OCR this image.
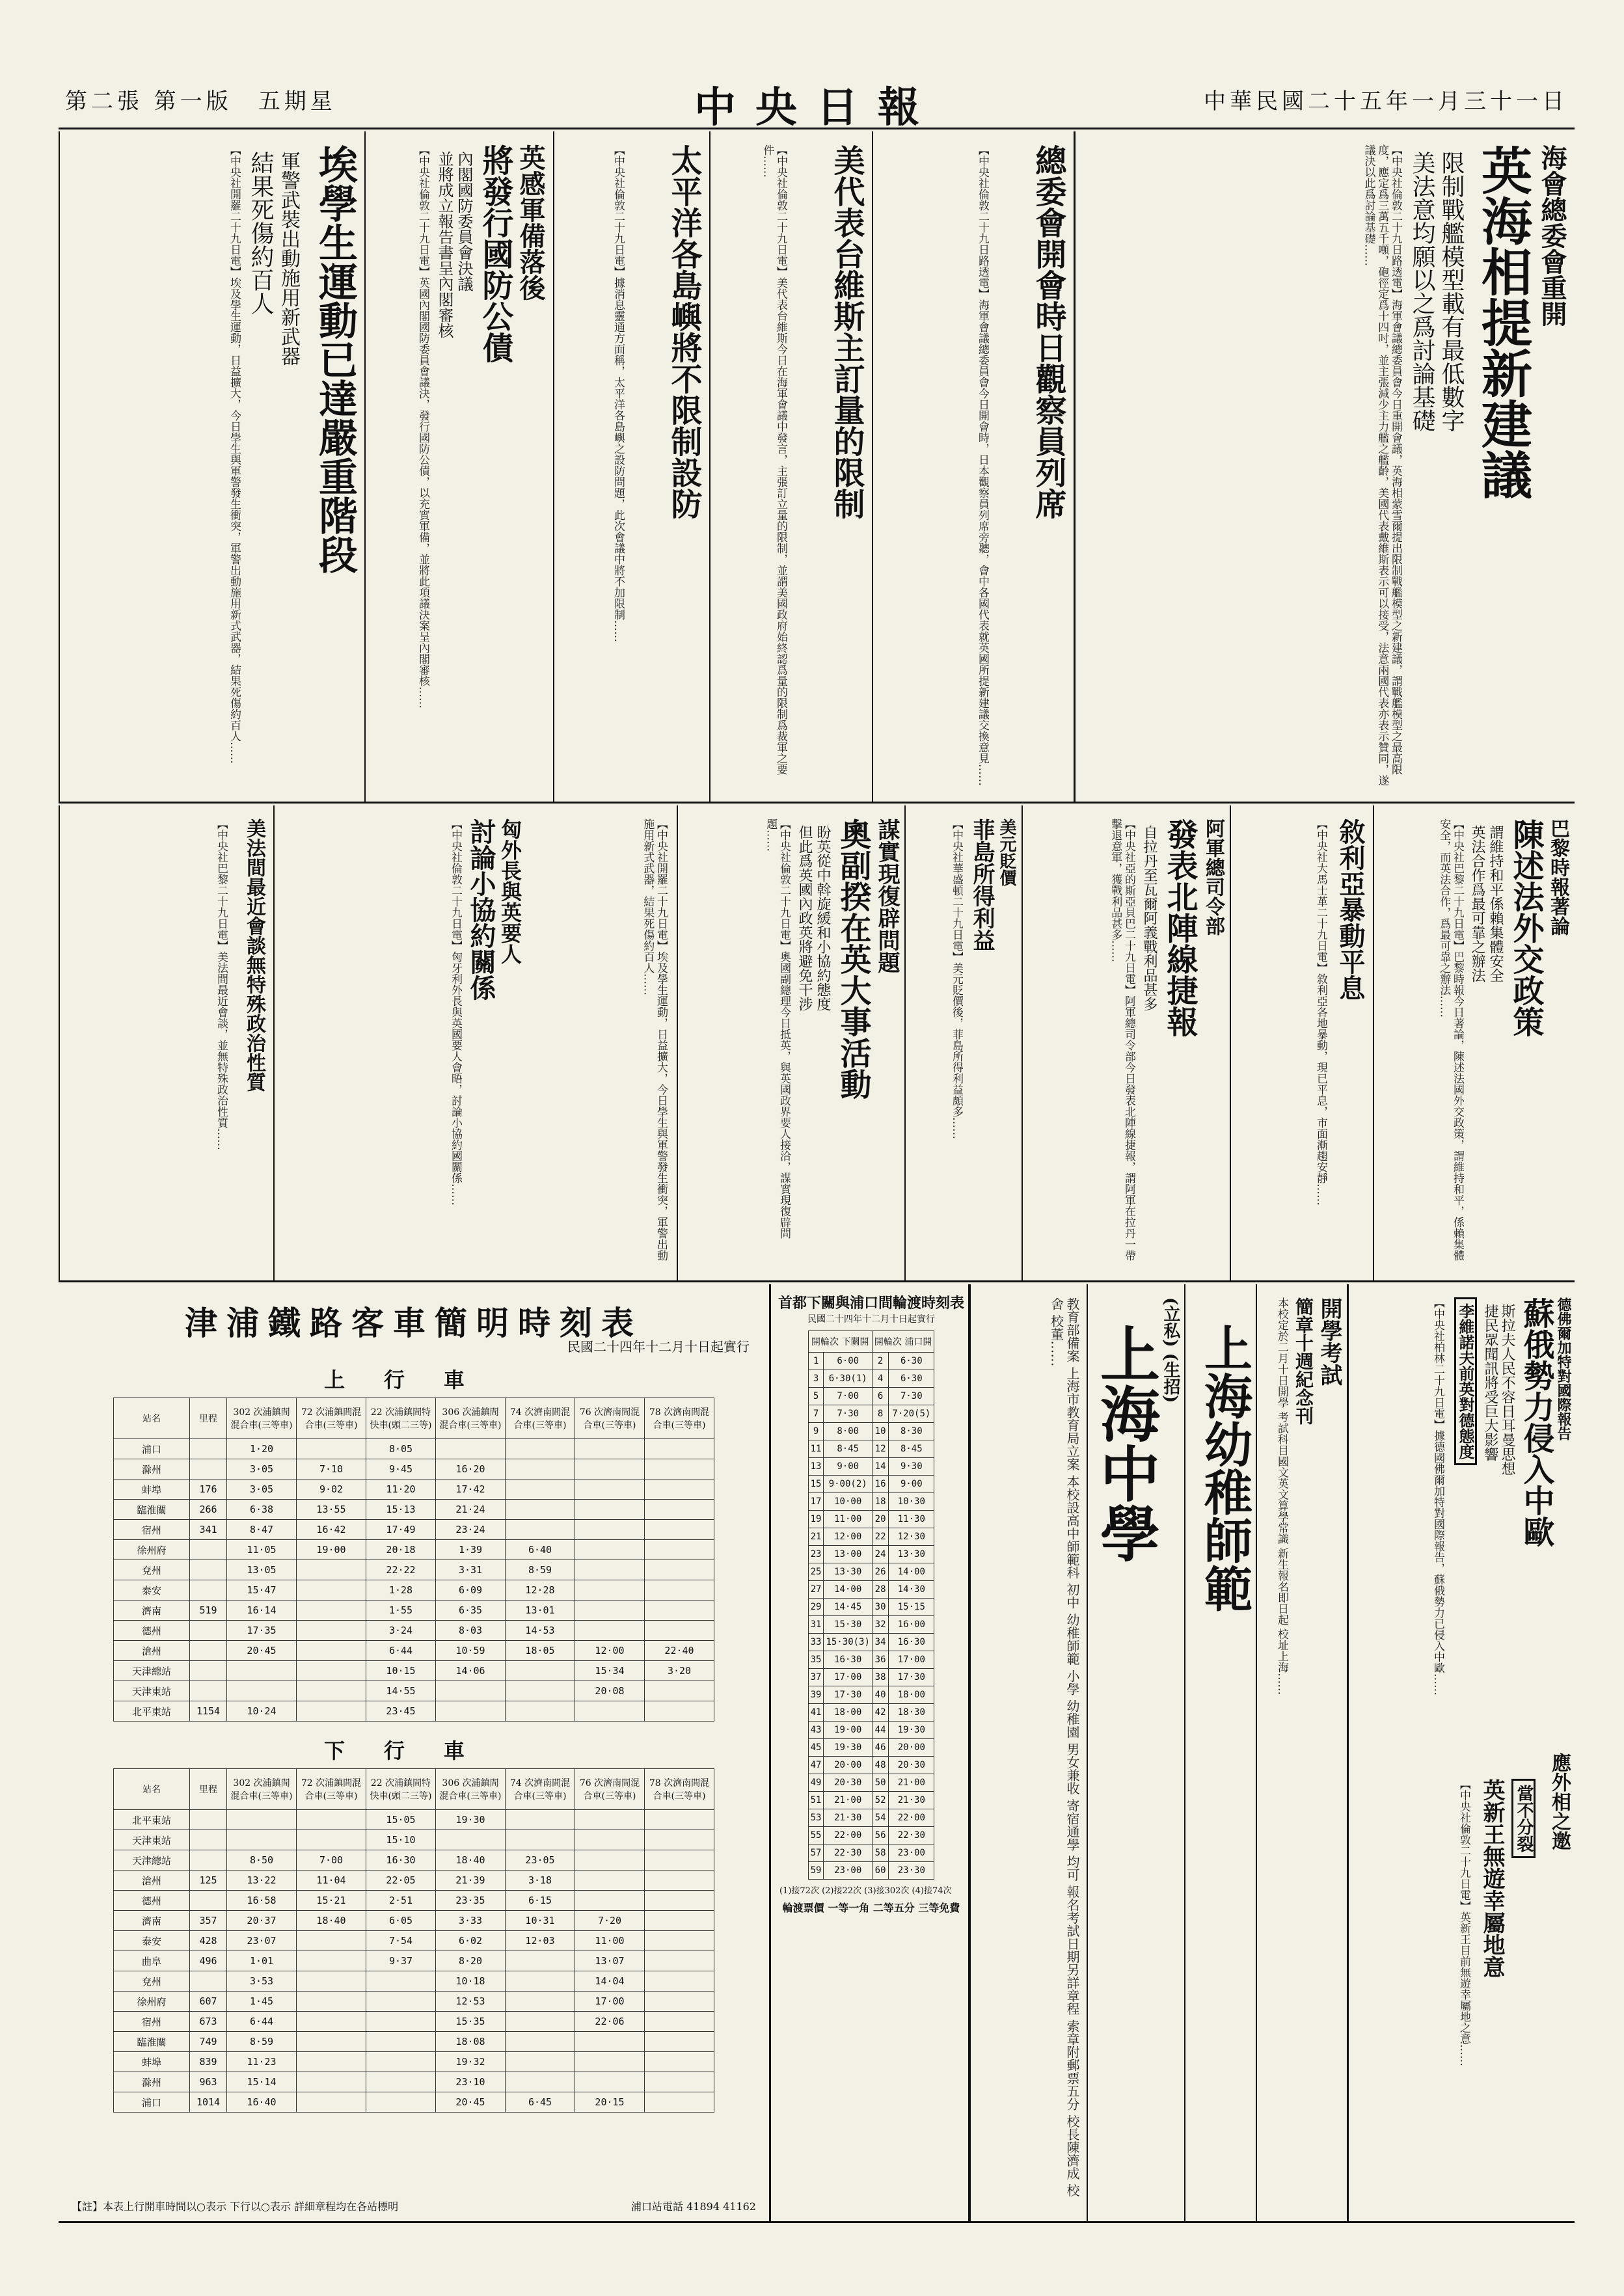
第二張 第一版　 五期星	中央日報	中華民國二十五年一月三十一日
海會總委會重開
英海相提新建議
限制戰艦模型載有最低數字
美法意均願以之爲討論基礎
【中央社倫敦二十九日路透電】海軍會議總委員會今日重開會議，英海相蒙雪爾提出限制戰艦模型之新建議，謂戰艦模型之最高限度，應定爲三萬五千噸，砲徑定爲十四吋，並主張減少主力艦之艦齡，美國代表戴維斯表示可以接受，法意兩國代表亦表示贊同，遂議決以此爲討論基礎……
總委會開會時日觀察員列席
【中央社倫敦二十九日路透電】海軍會議總委員會今日開會時，日本觀察員列席旁聽，會中各國代表就英國所提新建議交換意見……
美代表台維斯主訂量的限制
【中央社倫敦二十九日電】美代表台維斯今日在海軍會議中發言，主張訂立量的限制，並謂美國政府始終認爲量的限制爲裁軍之要件……
太平洋各島嶼將不限制設防
【中央社倫敦二十九日電】據消息靈通方面稱，太平洋各島嶼之設防問題，此次會議中將不加限制……
英感軍備落後
將發行國防公債
內閣國防委員會決議
並將成立報告書呈內閣審核
【中央社倫敦二十九日電】英國內閣國防委員會議決，發行國防公債，以充實軍備，並將此項議決案呈內閣審核……
埃學生運動已達嚴重階段
軍警武裝出動施用新武器
結果死傷約百人
【中央社開羅二十九日電】埃及學生運動，日益擴大，今日學生與軍警發生衝突，軍警出動施用新式武器，結果死傷約百人……
巴黎時報著論
陳述法外交政策
謂維持和平係賴集體安全
英法合作爲最可靠之辦法
【中央社巴黎二十九日電】巴黎時報今日著論，陳述法國外交政策，謂維持和平，係賴集體安全，而英法合作，爲最可靠之辦法……
敘利亞暴動平息
【中央社大馬士革二十九日電】敘利亞各地暴動，現已平息，市面漸趨安靜……
阿軍總司令部
發表北陣線捷報
自拉丹至瓦爾阿義戰利品甚多
【中央社亞的斯亞貝巴二十九日電】阿軍總司令部今日發表北陣線捷報，謂阿軍在拉丹一帶擊退意軍，獲戰利品甚多……
美元貶價
菲島所得利益
【中央社華盛頓二十九日電】美元貶價後，菲島所得利益頗多……
謀實現復辟問題
奧副揆在英大事活動
盼英從中斡旋緩和小協約態度
但此爲英國內政英將避免干涉
【中央社倫敦二十九日電】奧國副總理今日抵英，與英國政界要人接洽，謀實現復辟問題……
匈外長與英要人
討論小協約關係
【中央社倫敦二十九日電】匈牙利外長與英國要人會晤，討論小協約國關係……	【中央社開羅二十九日電】埃及學生運動，日益擴大，今日學生與軍警發生衝突，軍警出動施用新式武器，結果死傷約百人……
美法間最近會談無特殊政治性質
【中央社巴黎二十九日電】美法間最近會談，並無特殊政治性質……
津浦鐵路客車簡明時刻表
民國二十四年十二月十日起實行
上行車
站名	里程	302 次浦鎮間混合車(三等車)	72 次浦鎮間混合車(三等車)	22 次浦鎮間特快車(頭二三等)	306 次浦鎮間混合車(三等車)	74 次濟南間混合車(三等車)	76 次濟南間混合車(三等車)	78 次濟南間混合車(三等車)
浦口		1·20		8·05				
滁州		3·05	7·10	9·45	16·20			
蚌埠	176	3·05	9·02	11·20	17·42			
臨淮關	266	6·38	13·55	15·13	21·24			
宿州	341	8·47	16·42	17·49	23·24			
徐州府		11·05	19·00	20·18	1·39	6·40		
兗州		13·05		22·22	3·31	8·59		
泰安		15·47		1·28	6·09	12·28		
濟南	519	16·14		1·55	6·35	13·01		
德州		17·35		3·24	8·03	14·53		
滄州		20·45		6·44	10·59	18·05	12·00	22·40
天津總站				10·15	14·06		15·34	3·20
天津東站				14·55			20·08	
北平東站	1154	10·24		23·45				
下行車
站名	里程	302 次浦鎮間混合車(三等車)	72 次浦鎮間混合車(三等車)	22 次浦鎮間特快車(頭二三等)	306 次浦鎮間混合車(三等車)	74 次濟南間混合車(三等車)	76 次濟南間混合車(三等車)	78 次濟南間混合車(三等車)
北平東站				15·05	19·30			
天津東站				15·10				
天津總站		8·50	7·00	16·30	18·40	23·05		
滄州	125	13·22	11·04	22·05	21·39	3·18		
德州		16·58	15·21	2·51	23·35	6·15		
濟南	357	20·37	18·40	6·05	3·33	10·31	7·20	
泰安	428	23·07		7·54	6·02	12·03	11·00	
曲阜	496	1·01		9·37	8·20		13·07	
兗州		3·53			10·18		14·04	
徐州府	607	1·45			12·53		17·00	
宿州	673	6·44			15·35		22·06	
臨淮關	749	8·59			18·08			
蚌埠	839	11·23			19·32			
滁州	963	15·14			23·10			
浦口	1014	16·40			20·45	6·45	20·15	
【註】本表上行開車時間以○表示 下行以○表示 詳細章程均在各站標明	浦口站電話 41894 41162
首都下關與浦口間輪渡時刻表
民國二十四年十二月十日起實行
開輪次 下關開		開輪次 浦口開	
1	6·00	2	6·30
3	6·30(1)	4	6·30
5	7·00	6	7·30
7	7·30	8	7·20(5)
9	8·00	10	8·30
11	8·45	12	8·45
13	9·00	14	9·30
15	9·00(2)	16	9·00
17	10·00	18	10·30
19	11·00	20	11·30
21	12·00	22	12·30
23	13·00	24	13·30
25	13·30	26	14·00
27	14·00	28	14·30
29	14·45	30	15·15
31	15·30	32	16·00
33	15·30(3)	34	16·30
35	16·30	36	17·00
37	17·00	38	17·30
39	17·30	40	18·00
41	18·00	42	18·30
43	19·00	44	19·30
45	19·30	46	20·00
47	20·00	48	20·30
49	20·30	50	21·00
51	21·00	52	21·30
53	21·30	54	22·00
55	22·00	56	22·30
57	22·30	58	23·00
59	23·00	60	23·30
(1)接72次 (2)接22次 (3)接302次 (4)接74次
輪渡票價 一等一角 二等五分 三等免費	教育部備案 上海市教育局立案 本校設高中師範科 初中 幼稚師範 小學 幼稚園 男女兼收 寄宿通學 均可 報名考試日期另詳章程 索章附郵票五分 校長陳濟成 校舍 校董……	(立私) (生招)
上海中學 上海幼稚師範	開學考試
簡章十週紀念刊
本校定於二月十日開學 考試科目國文英文算學常識 新生報名即日起 校址上海……	德佛爾加特對國際報告
蘇俄勢力侵入中歐
斯拉夫人民不容日耳曼思想
捷民眾聞訊將受巨大影響
李維諾夫前英對德態度
【中央社柏林二十九日電】據德國佛爾加特對國際報告，蘇俄勢力已侵入中歐……
應外相之邀
當不分裂
英新王無遊幸屬地意
【中央社倫敦二十九日電】英新王目前無遊幸屬地之意……
